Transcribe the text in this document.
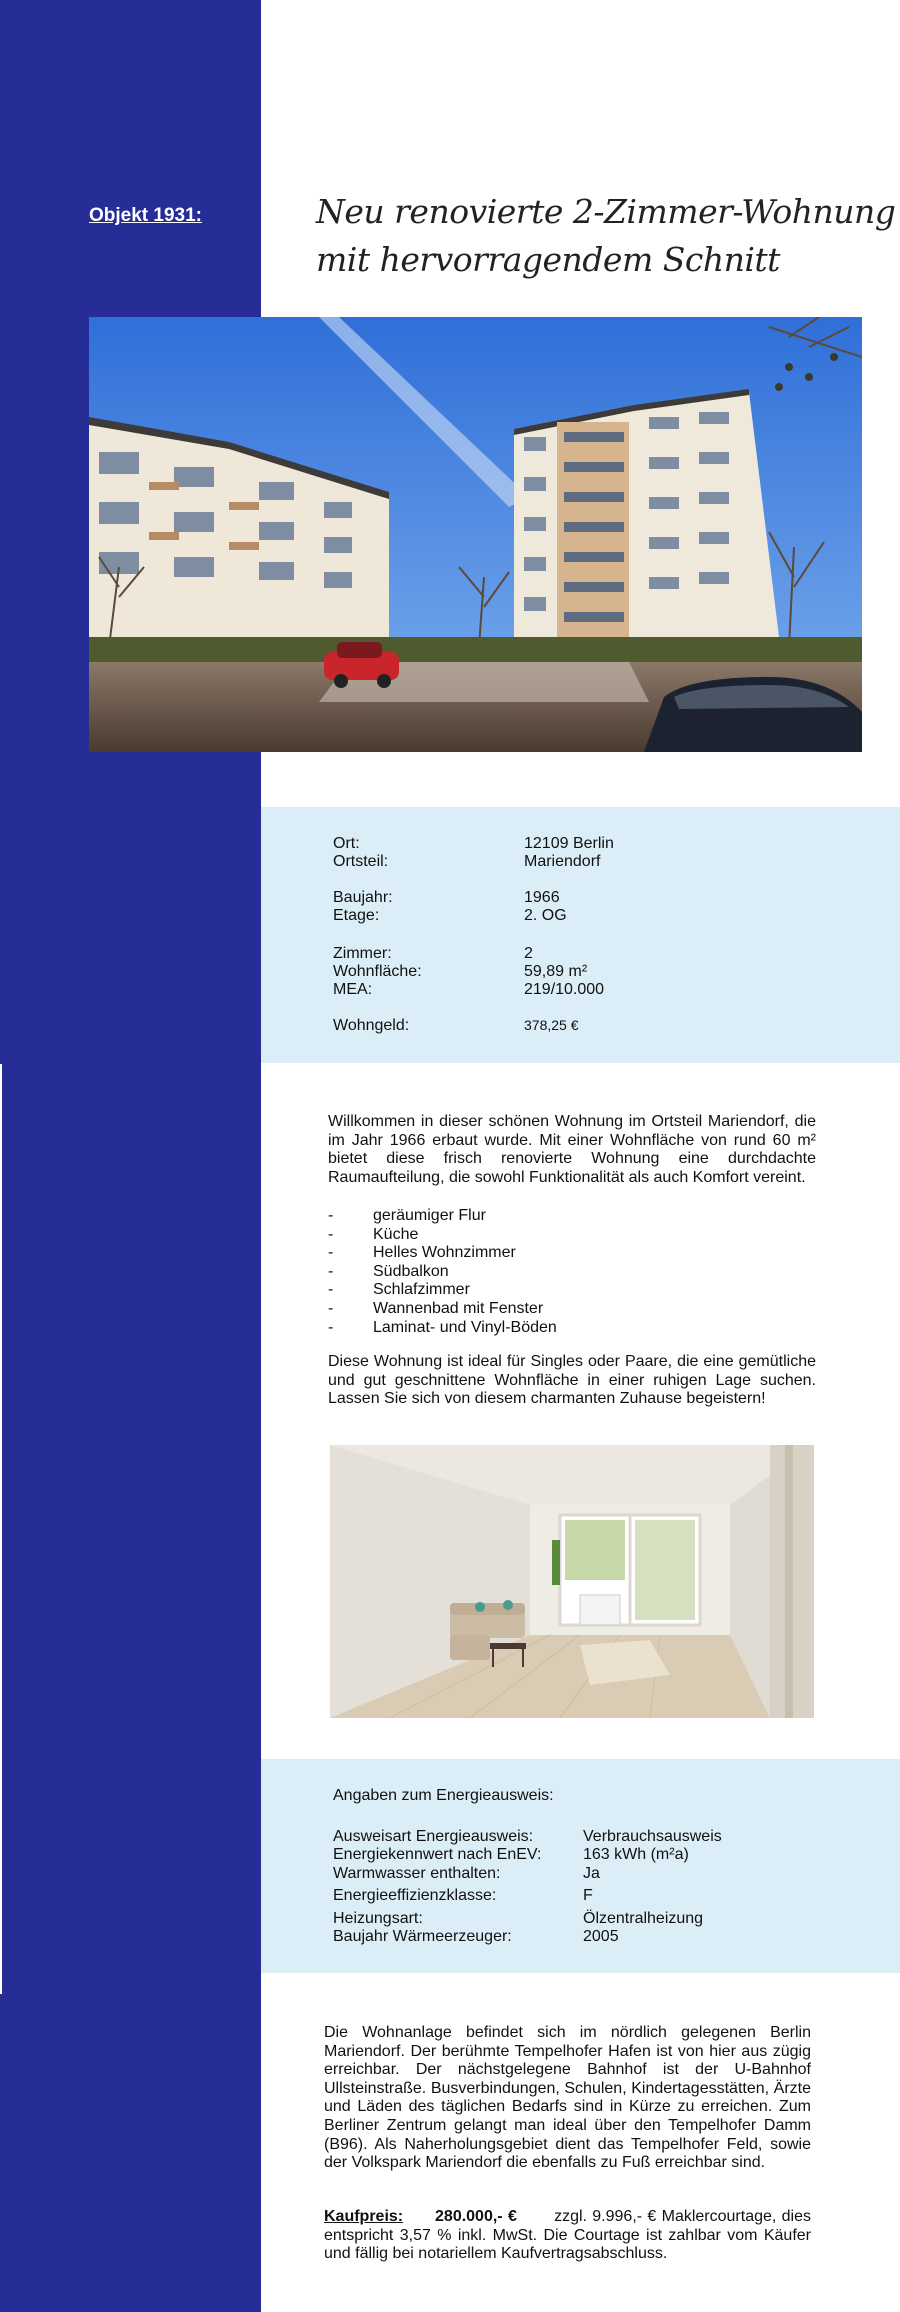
Objekt 1931:	Neu renovierte 2-Zimmer-Wohnung
mit hervorragendem Schnitt
Ort:	12109 Berlin
Ortsteil:	Mariendorf
Baujahr:	1966
Etage:	2. OG
Zimmer:	2
Wohnfläche:	59,89 m²
MEA:	219/10.000
Wohngeld:	378,25 €
Willkommen in dieser schönen Wohnung im Ortsteil Mariendorf, die im Jahr 1966 erbaut wurde. Mit einer Wohnfläche von rund 60 m² bietet diese frisch renovierte Wohnung eine durchdachte Raumaufteilung, die sowohl Funktionalität als auch Komfort vereint.
- geräumiger Flur
- Küche
- Helles Wohnzimmer
- Südbalkon
- Schlafzimmer
- Wannenbad mit Fenster
- Laminat- und Vinyl-Böden
Diese Wohnung ist ideal für Singles oder Paare, die eine gemütliche und gut geschnittene Wohnfläche in einer ruhigen Lage suchen. Lassen Sie sich von diesem charmanten Zuhause begeistern!
Angaben zum Energieausweis:
Ausweisart Energieausweis:	Verbrauchsausweis
Energiekennwert nach EnEV:	163 kWh (m²a)
Warmwasser enthalten:	Ja
Energieeffizienzklasse:	F
Heizungsart:	Ölzentralheizung
Baujahr Wärmeerzeuger:	2005
Die Wohnanlage befindet sich im nördlich gelegenen Berlin Mariendorf. Der berühmte Tempelhofer Hafen ist von hier aus zügig erreichbar. Der nächstgelegene Bahnhof ist der U-Bahnhof Ullsteinstraße. Busverbindungen, Schulen, Kindertagesstätten, Ärzte und Läden des täglichen Bedarfs sind in Kürze zu erreichen. Zum Berliner Zentrum gelangt man ideal über den Tempelhofer Damm (B96). Als Naherholungsgebiet dient das Tempelhofer Feld, sowie der Volkspark Mariendorf die ebenfalls zu Fuß erreichbar sind.
Kaufpreis: 280.000,- € zzgl. 9.996,- € Maklercourtage, dies entspricht 3,57 % inkl. MwSt. Die Courtage ist zahlbar vom Käufer und fällig bei notariellem Kaufvertragsabschluss.
